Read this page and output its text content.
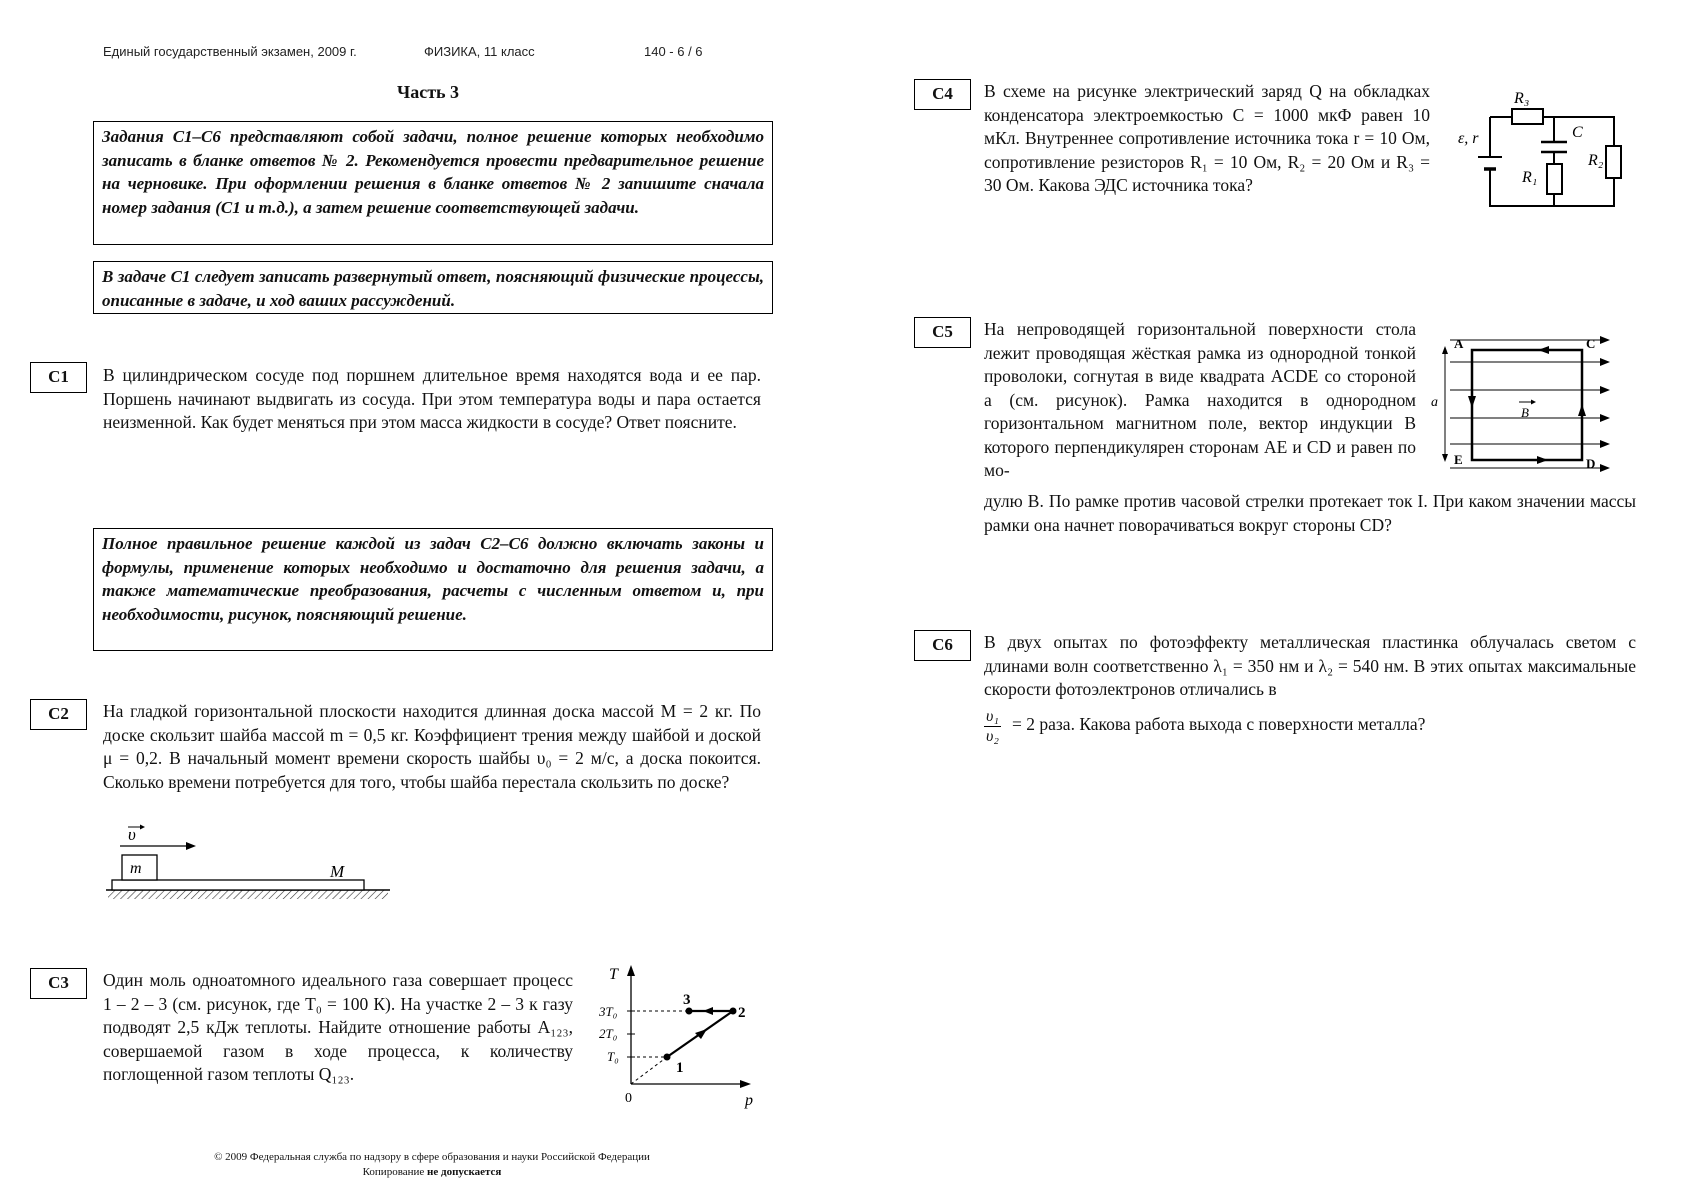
Единый государственный экзамен, 2009 г.	ФИЗИКА, 11 класс	140 - 6 / 6
Часть 3
Задания С1–С6 представляют собой задачи, полное решение которых необходимо записать в бланке ответов № 2. Рекомендуется провести предварительное решение на черновике. При оформлении решения в бланке ответов № 2 запишите сначала номер задания (С1 и т.д.), а затем решение соответствующей задачи.
В задаче С1 следует записать развернутый ответ, поясняющий физические процессы, описанные в задаче, и ход ваших рассуждений.
Полное правильное решение каждой из задач С2–С6 должно включать законы и формулы, применение которых необходимо и достаточно для решения задачи, а также математические преобразования, расчеты с численным ответом и, при необходимости, рисунок, поясняющий решение.
С1	В цилиндрическом сосуде под поршнем длительное время находятся вода и ее пар. Поршень начинают выдвигать из сосуда. При этом температура воды и пара остается неизменной. Как будет меняться при этом масса жидкости в сосуде? Ответ поясните.
С2	На гладкой горизонтальной плоскости находится длинная доска массой M = 2 кг. По доске скользит шайба массой m = 0,5 кг. Коэффициент трения между шайбой и доской μ = 0,2. В начальный момент времени скорость шайбы υ₀ = 2 м/с, а доска покоится. Сколько времени потребуется для того, чтобы шайба перестала скользить по доске?
m	M
υ
С3	Один моль одноатомного идеального газа совершает процесс 1 – 2 – 3 (см. рисунок, где T₀ = 100 К). На участке 2 – 3 к газу подводят 2,5 кДж теплоты. Найдите отношение работы A₁₂₃, совершаемой газом в ходе процесса, к количеству поглощенной газом теплоты Q₁₂₃.
T
p
0
3T₀
2T₀
T₀
1
2
3
С4	В схеме на рисунке электрический заряд Q на обкладках конденсатора электроемкостью C = 1000 мкФ равен 10 мКл. Внутреннее сопротивление источника тока r = 10 Ом, сопротивление резисторов R₁ = 10 Ом, R₂ = 20 Ом и R₃ = 30 Ом. Какова ЭДС источника тока?
R₃
R₂
R₁
C
ε, r
С5	На непроводящей горизонтальной поверхности стола лежит проводящая жёсткая рамка из однородной тонкой проволоки, согнутая в виде квадрата ACDE со стороной a (см. рисунок). Рамка находится в однородном горизонтальном магнитном поле, вектор индукции B которого перпендикулярен сторонам AE и CD и равен по мо-
дулю B. По рамке против часовой стрелки протекает ток I. При каком значении массы рамки она начнет поворачиваться вокруг стороны CD?
a
A	C
E	D
B
С6	В двух опытах по фотоэффекту металлическая пластинка облучалась светом с длинами волн соответственно λ₁ = 350 нм и λ₂ = 540 нм. В этих опытах максимальные скорости фотоэлектронов отличались в
$\frac{\text{υ₁}}{\text{υ₂}} = 2$ раза. Какова работа выхода с поверхности металла?
© 2009 Федеральная служба по надзору в сфере образования и науки Российской Федерации
Копирование не допускается
